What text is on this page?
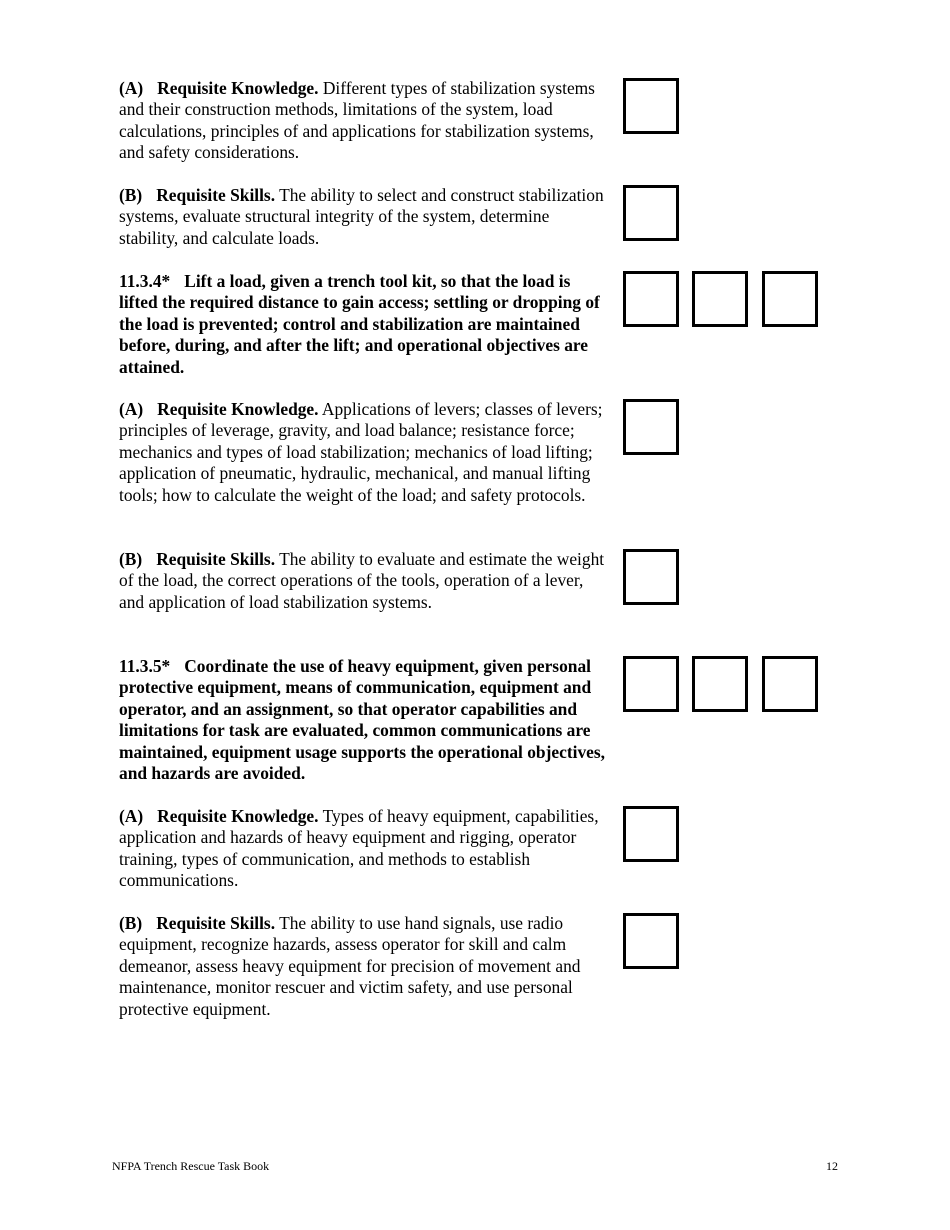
(A) Requisite Knowledge. Different types of stabilization systems and their construction methods, limitations of the system, load calculations, principles of and applications for stabilization systems, and safety considerations.

(B) Requisite Skills. The ability to select and construct stabilization systems, evaluate structural integrity of the system, determine stability, and calculate loads.

11.3.4* Lift a load, given a trench tool kit, so that the load is lifted the required distance to gain access; settling or dropping of the load is prevented; control and stabilization are maintained before, during, and after the lift; and operational objectives are attained.

(A) Requisite Knowledge. Applications of levers; classes of levers; principles of leverage, gravity, and load balance; resistance force; mechanics and types of load stabilization; mechanics of load lifting; application of pneumatic, hydraulic, mechanical, and manual lifting tools; how to calculate the weight of the load; and safety protocols.

(B) Requisite Skills. The ability to evaluate and estimate the weight of the load, the correct operations of the tools, operation of a lever, and application of load stabilization systems.

11.3.5* Coordinate the use of heavy equipment, given personal protective equipment, means of communication, equipment and operator, and an assignment, so that operator capabilities and limitations for task are evaluated, common communications are maintained, equipment usage supports the operational objectives, and hazards are avoided.

(A) Requisite Knowledge. Types of heavy equipment, capabilities, application and hazards of heavy equipment and rigging, operator training, types of communication, and methods to establish communications.

(B) Requisite Skills. The ability to use hand signals, use radio equipment, recognize hazards, assess operator for skill and calm demeanor, assess heavy equipment for precision of movement and maintenance, monitor rescuer and victim safety, and use personal protective equipment.

NFPA Trench Rescue Task Book	12
